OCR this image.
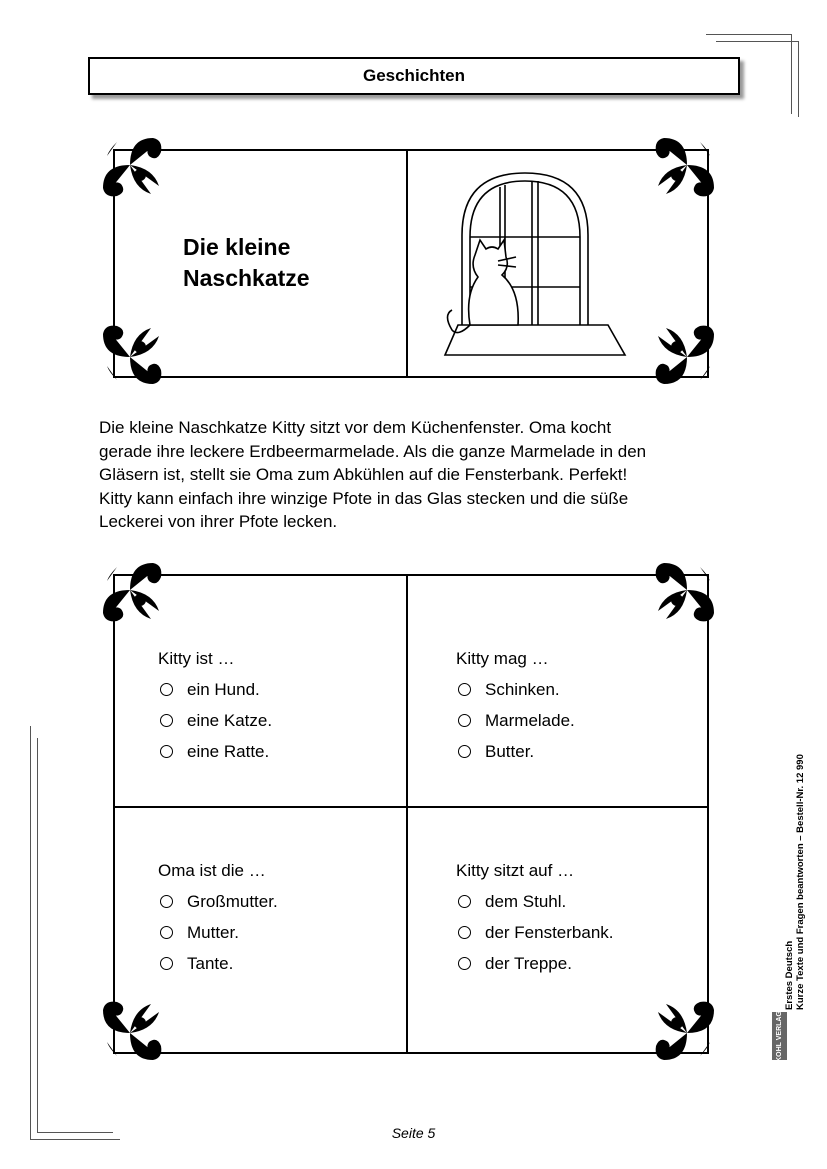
Geschichten
Die kleine
Naschkatze
Die kleine Naschkatze Kitty sitzt vor dem Küchenfenster. Oma kocht
gerade ihre leckere Erdbeermarmelade. Als die ganze Marmelade in den
Gläsern ist, stellt sie Oma zum Abkühlen auf die Fensterbank. Perfekt!
Kitty kann einfach ihre winzige Pfote in das Glas stecken und die süße
Leckerei von ihrer Pfote lecken.
Kitty ist …
ein Hund.
eine Katze.
eine Ratte.
Kitty mag …
Schinken.
Marmelade.
Butter.
Oma ist die …
Großmutter.
Mutter.
Tante.
Kitty sitzt auf …
dem Stuhl.
der Fensterbank.
der Treppe.	Erstes Deutsch Kurze Texte und Fragen beantworten – Bestell-Nr. 12 990
KOHL VERLAG
Seite 5
